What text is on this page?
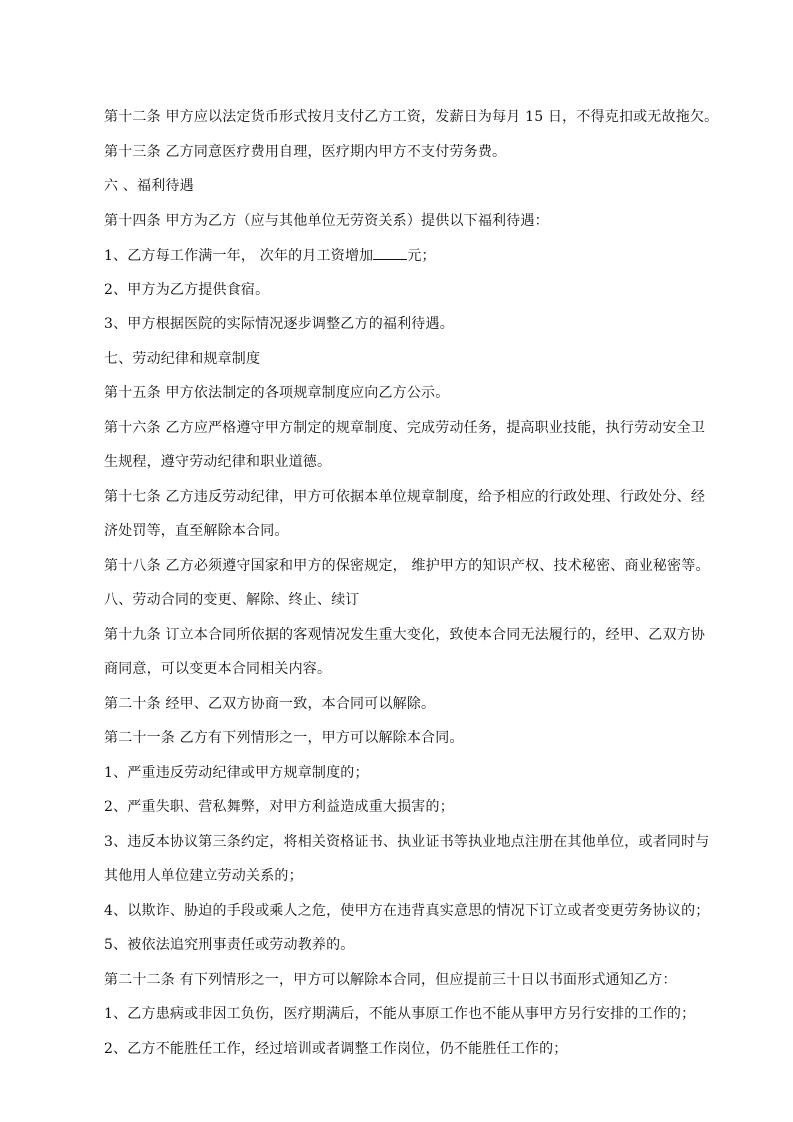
第十二条 甲方应以法定货币形式按月支付乙方工资，发薪日为每月 15 日，不得克扣或无故拖欠。
第十三条 乙方同意医疗费用自理，医疗期内甲方不支付劳务费。
六 、福利待遇
第十四条 甲方为乙方（应与其他单位无劳资关系）提供以下福利待遇：
1、乙方每工作满一年， 次年的月工资增加 元；
2、甲方为乙方提供食宿。
3、甲方根据医院的实际情况逐步调整乙方的福利待遇。
七、劳动纪律和规章制度
第十五条 甲方依法制定的各项规章制度应向乙方公示。
第十六条 乙方应严格遵守甲方制定的规章制度、完成劳动任务，提高职业技能，执行劳动安全卫
生规程，遵守劳动纪律和职业道德。
第十七条 乙方违反劳动纪律，甲方可依据本单位规章制度，给予相应的行政处理、行政处分、经
济处罚等，直至解除本合同。
第十八条 乙方必须遵守国家和甲方的保密规定， 维护甲方的知识产权、技术秘密、商业秘密等。
八、劳动合同的变更、解除、终止、续订
第十九条 订立本合同所依据的客观情况发生重大变化，致使本合同无法履行的，经甲、乙双方协
商同意，可以变更本合同相关内容。
第二十条 经甲、乙双方协商一致，本合同可以解除。
第二十一条 乙方有下列情形之一，甲方可以解除本合同。
1、严重违反劳动纪律或甲方规章制度的；
2、严重失职、营私舞弊，对甲方利益造成重大损害的；
3、违反本协议第三条约定，将相关资格证书、执业证书等执业地点注册在其他单位，或者同时与
其他用人单位建立劳动关系的；
4、以欺诈、胁迫的手段或乘人之危，使甲方在违背真实意思的情况下订立或者变更劳务协议的；
5、被依法追究刑事责任或劳动教养的。
第二十二条 有下列情形之一，甲方可以解除本合同，但应提前三十日以书面形式通知乙方：
1、乙方患病或非因工负伤，医疗期满后，不能从事原工作也不能从事甲方另行安排的工作的；
2、乙方不能胜任工作，经过培训或者调整工作岗位，仍不能胜任工作的；
